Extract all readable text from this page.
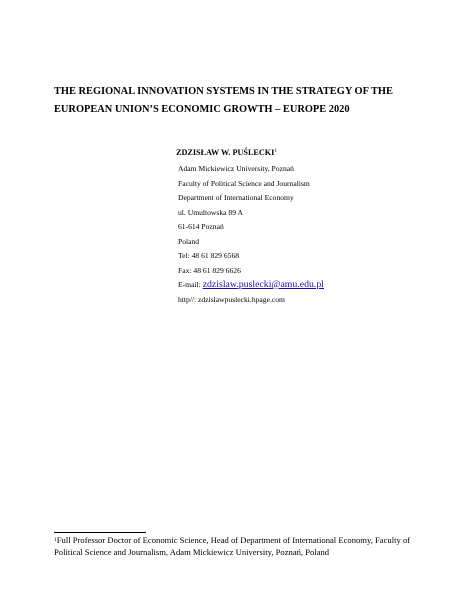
THE REGIONAL INNOVATION SYSTEMS IN THE STRATEGY OF THE EUROPEAN UNION’S ECONOMIC GROWTH – EUROPE 2020
ZDZISŁAW W. PUŚLECKI$^1$
Adam Mickiewicz University, Poznań
Faculty of Political Science and Journalism
Department of International Economy
ul. Umultowska 89 A
61-614 Poznań
Poland
Tel: 48 61 829 6568
Fax: 48 61 829 6626
E-mail: zdzislaw.puslecki@amu.edu.pl
http//: zdzislawpuslecki.hpage.com
$^1$Full Professor Doctor of Economic Science, Head of Department of International Economy, Faculty of Political Science and Journalism, Adam Mickiewicz University, Poznań, Poland
